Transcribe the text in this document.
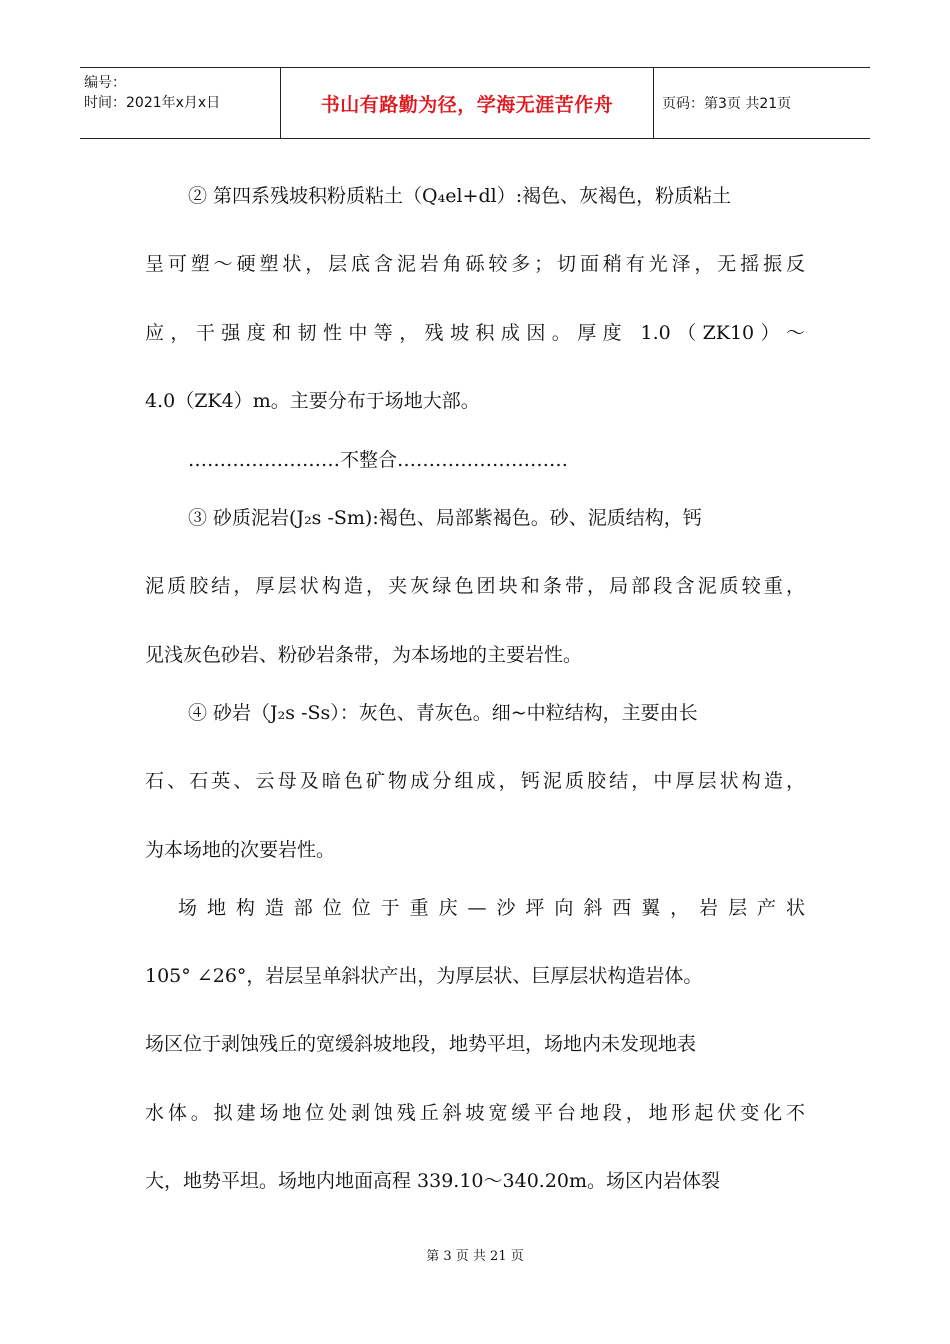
编号：
时间：2021年x月x日	书山有路勤为径，学海无涯苦作舟	页码：第3页 共21页
② 第四系残坡积粉质粘土（Q₄el+dl）:褐色、灰褐色，粉质粘土
呈可塑～硬塑状，层底含泥岩角砾较多；切面稍有光泽，无摇振反
应，干强度和韧性中等，残坡积成因。厚度 1.0（ZK10）～
4.0（ZK4）m。主要分布于场地大部。
……………………不整合………………………
③ 砂质泥岩(J₂s -Sm):褐色、局部紫褐色。砂、泥质结构，钙
泥质胶结，厚层状构造，夹灰绿色团块和条带，局部段含泥质较重，
见浅灰色砂岩、粉砂岩条带，为本场地的主要岩性。
④ 砂岩（J₂s -Ss）：灰色、青灰色。细~中粒结构，主要由长
石、石英、云母及暗色矿物成分组成，钙泥质胶结，中厚层状构造，
为本场地的次要岩性。
场地构造部位位于重庆—沙坪向斜西翼，岩层产状
105° ∠26°，岩层呈单斜状产出，为厚层状、巨厚层状构造岩体。
场区位于剥蚀残丘的宽缓斜坡地段，地势平坦，场地内未发现地表
水体。拟建场地位处剥蚀残丘斜坡宽缓平台地段，地形起伏变化不
大，地势平坦。场地内地面高程 339.10～340.20m。场区内岩体裂
第 3 页 共 21 页
